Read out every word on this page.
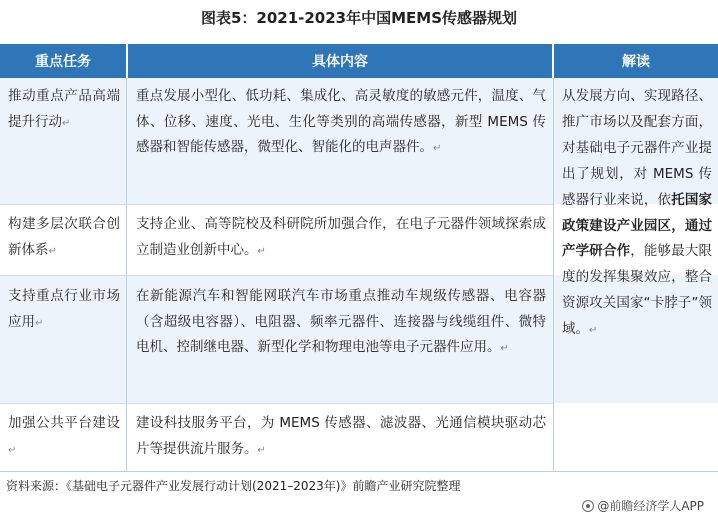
图表5：2021-2023年中国MEMS传感器规划
重点任务	具体内容	解读
推动重点产品高端提升行动↵
重点发展小型化、低功耗、集成化、高灵敏度的敏感元件，温度、气体、位移、速度、光电、生化等类别的高端传感器，新型 MEMS 传感器和智能传感器，微型化、智能化的电声器件。↵
构建多层次联合创新体系↵
支持企业、高等院校及科研院所加强合作，在电子元器件领域探索成立制造业创新中心。↵
支持重点行业市场应用↵
在新能源汽车和智能网联汽车市场重点推动车规级传感器、电容器（含超级电容器）、电阻器、频率元器件、连接器与线缆组件、微特电机、控制继电器、新型化学和物理电池等电子元器件应用。↵
加强公共平台建设↵
建设科技服务平台，为 MEMS 传感器、滤波器、光通信模块驱动芯片等提供流片服务。↵
从发展方向、实现路径、推广市场以及配套方面，对基础电子元器件产业提出了规划，对 MEMS 传感器行业来说，依托国家政策建设产业园区，通过产学研合作，能够最大限度的发挥集聚效应，整合资源攻关国家“卡脖子”领域。↵
资料来源：《基础电子元器件产业发展行动计划(2021–2023年)》前瞻产业研究院整理
@前瞻经济学人APP
